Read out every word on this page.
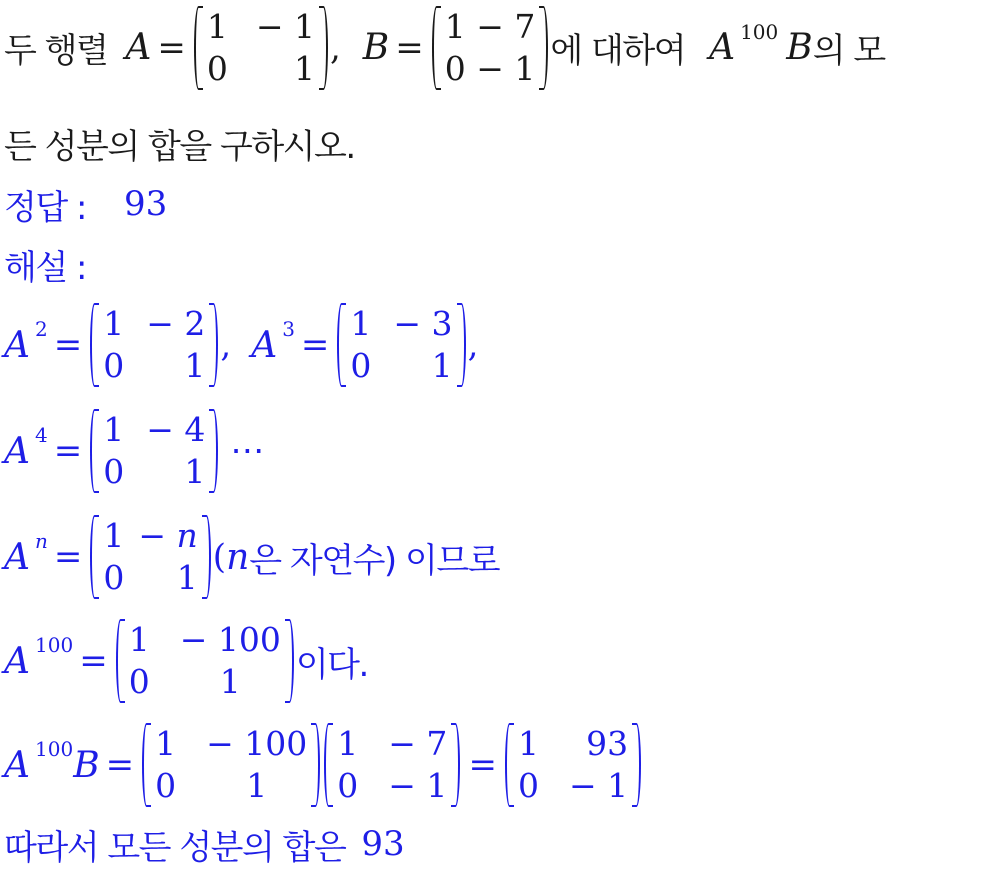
두 행렬 A =
1 − 1
0	1
, B =
1 − 7
0 − 1 에 대하여 A 100 B 의 모
든 성분의 합을 구하시오.
정답 : 93
해설 :
A 2 =
1 − 2
0	1
, A 3 =
1 − 3
0	1
,
A 4 =
1 − 4
0	1
⋯
A n =
1 − n
0	1
( n 은 자연수) 이므로
A 100 =
1 − 100
0	1	이다.
A 100 B =
1 − 100
0	1
1 − 7
0 − 1
=
1	93
0 − 1
따라서 모든 성분의 합은 93
